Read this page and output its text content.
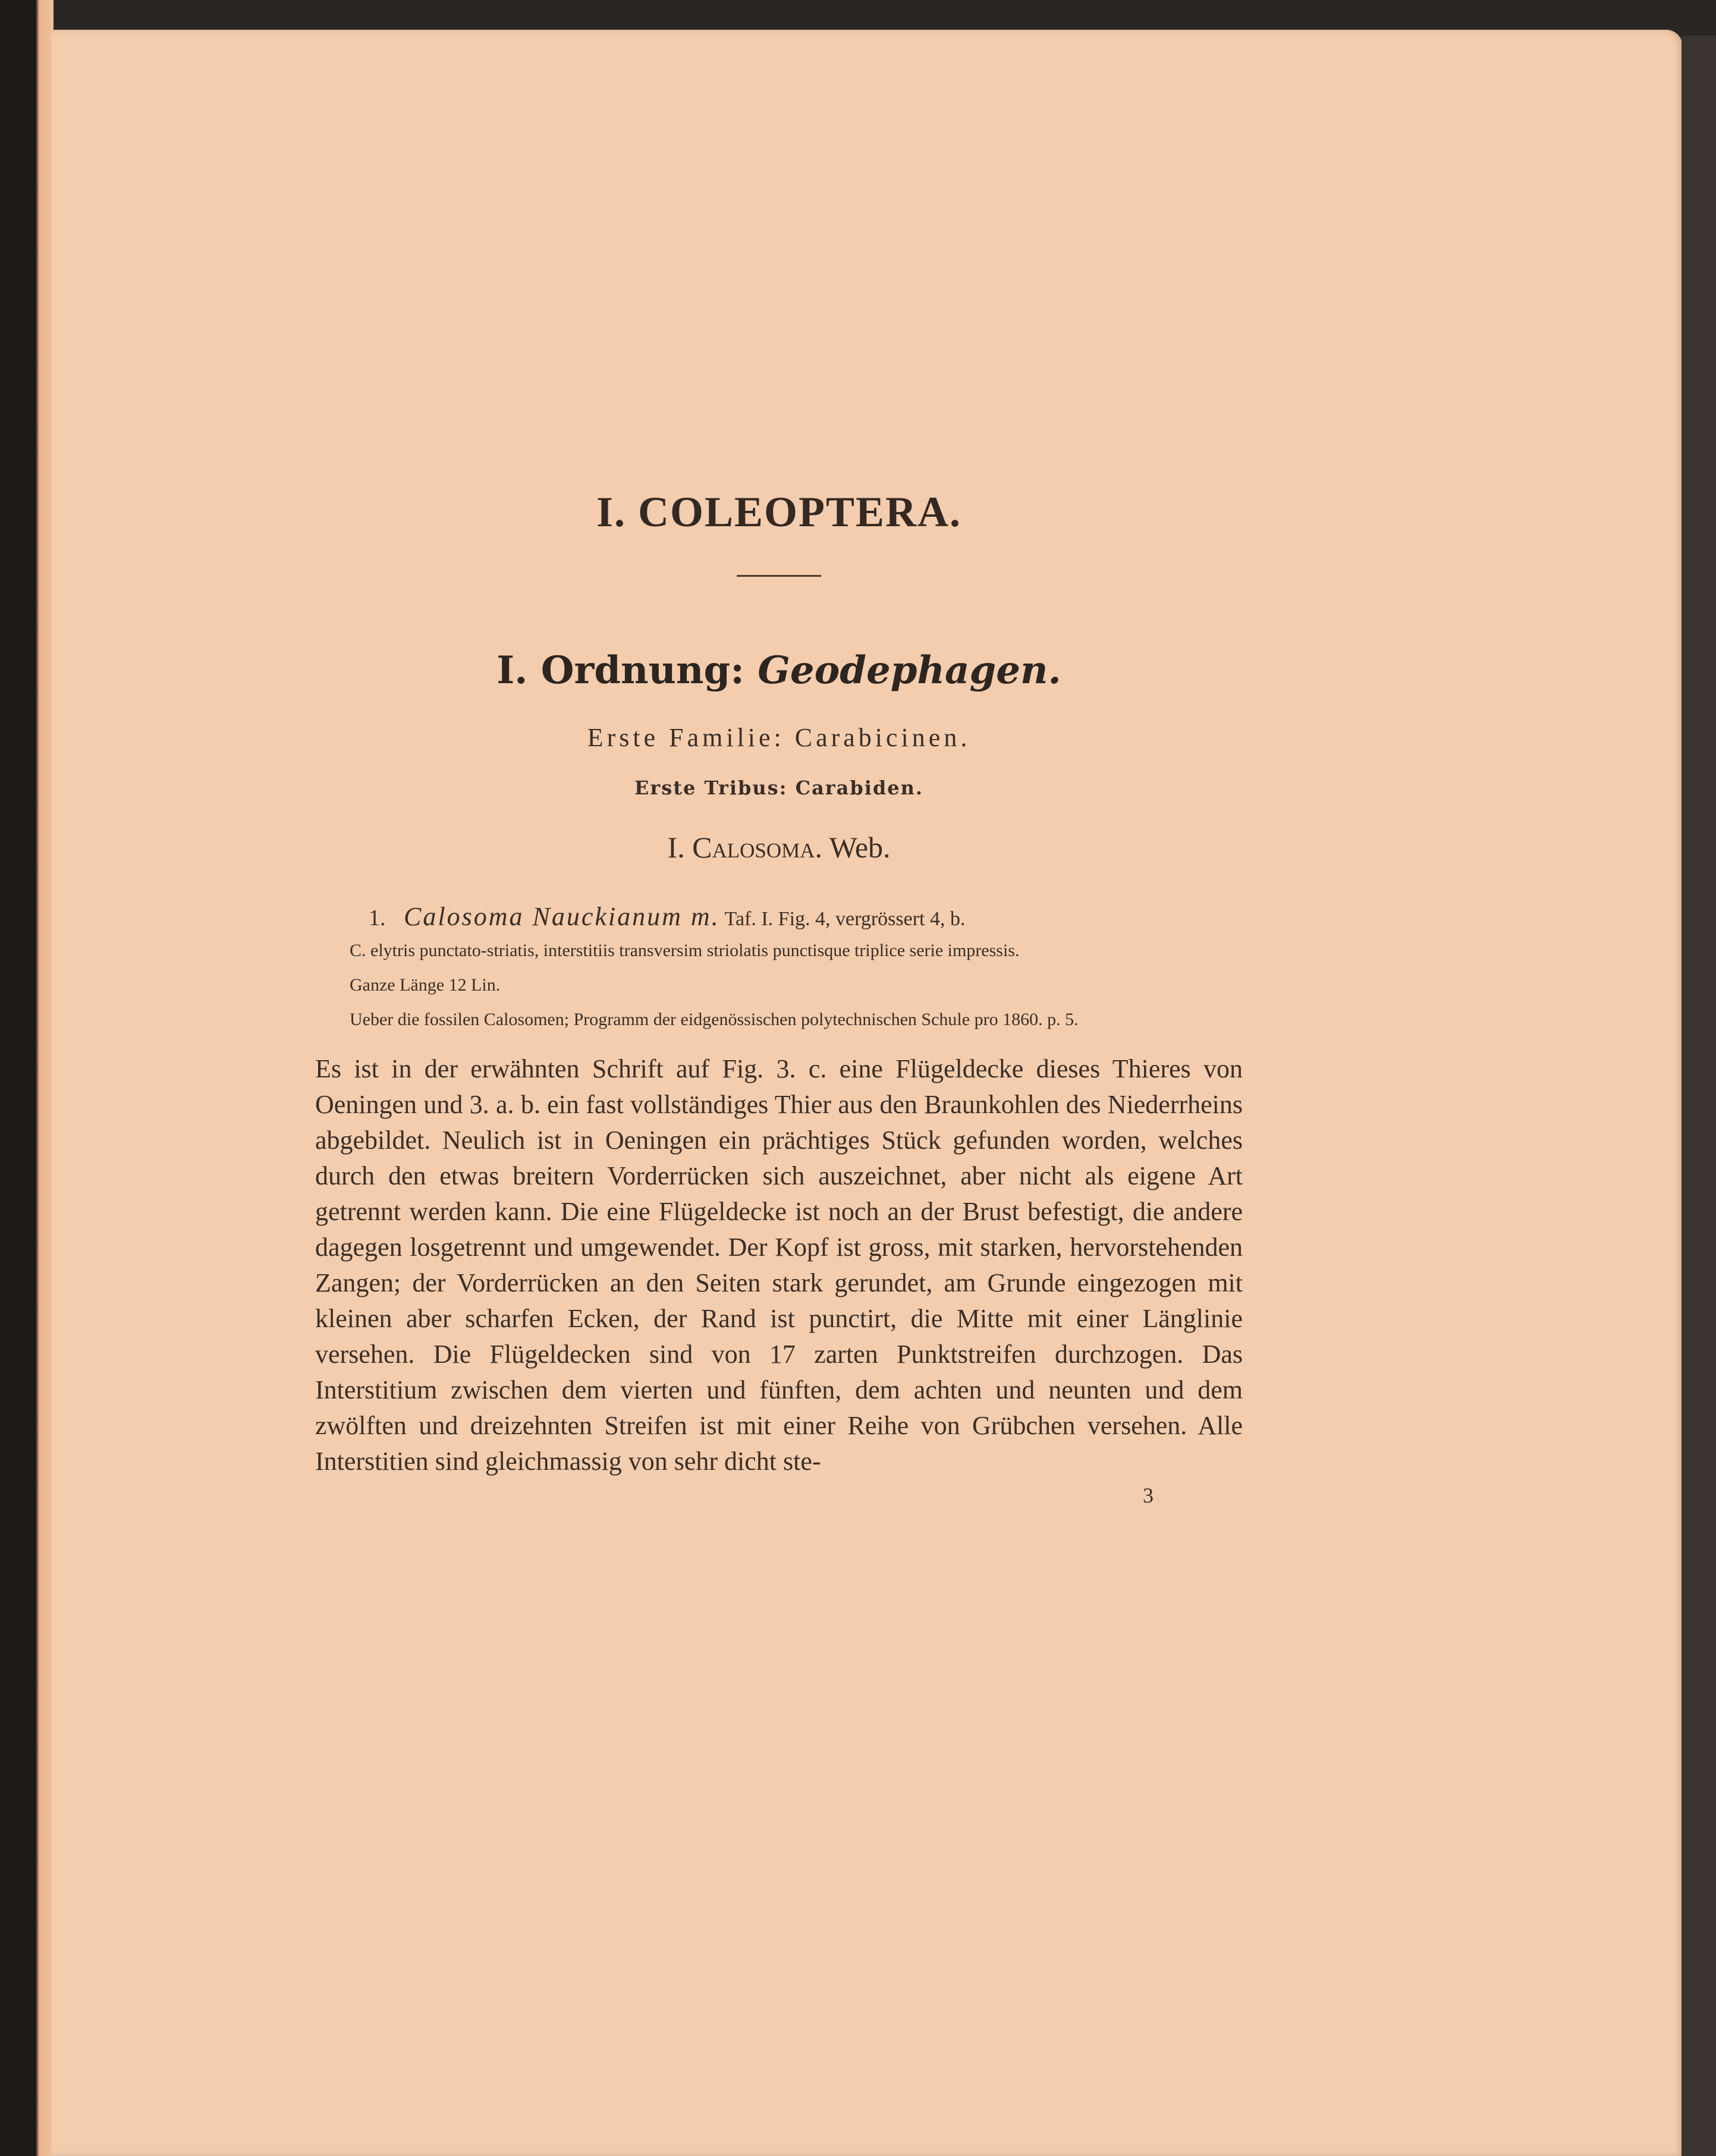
I. COLEOPTERA.
I. Ordnung: Geodephagen.

Erste Familie: Carabicinen.

Erste Tribus: Carabiden.

I. Calosoma. Web.

1. Calosoma Nauckianum m. Taf. I. Fig. 4, vergrössert 4, b.

C. elytris punctato-striatis, interstitiis transversim striolatis punctisque triplice serie impressis.

Ganze Länge 12 Lin.

Ueber die fossilen Calosomen; Programm der eidgenössischen polytechnischen Schule pro 1860. p. 5.

Es ist in der erwähnten Schrift auf Fig. 3. c. eine Flügeldecke dieses Thieres von Oeningen und 3. a. b. ein fast vollständiges Thier aus den Braunkohlen des Niederrheins abgebildet. Neulich ist in Oeningen ein prächtiges Stück gefunden worden, welches durch den etwas breitern Vorderrücken sich auszeichnet, aber nicht als eigene Art getrennt werden kann. Die eine Flügeldecke ist noch an der Brust befestigt, die andere dagegen losgetrennt und umgewendet. Der Kopf ist gross, mit starken, hervorstehenden Zangen; der Vorderrücken an den Seiten stark gerundet, am Grunde eingezogen mit kleinen aber scharfen Ecken, der Rand ist punctirt, die Mitte mit einer Länglinie versehen. Die Flügeldecken sind von 17 zarten Punktstreifen durchzogen. Das Interstitium zwischen dem vierten und fünften, dem achten und neunten und dem zwölften und dreizehnten Streifen ist mit einer Reihe von Grübchen versehen. Alle Interstitien sind gleichmassig von sehr dicht ste-

3
